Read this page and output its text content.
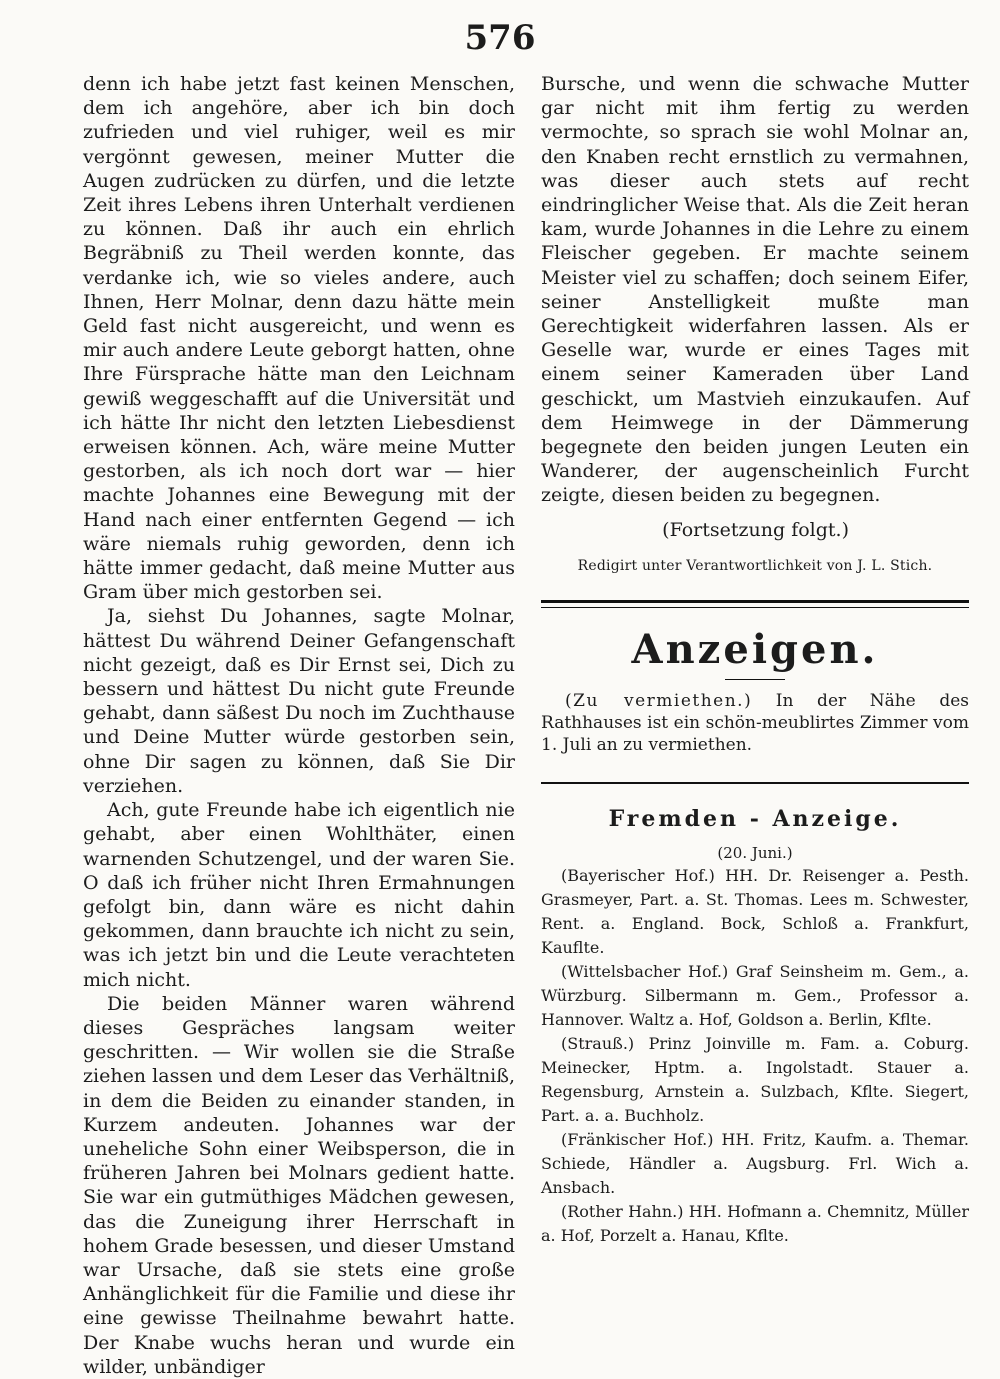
576

denn ich habe jetzt fast keinen Menschen, dem ich angehöre, aber ich bin doch zufrieden und viel ruhiger, weil es mir vergönnt gewesen, meiner Mutter die Augen zudrücken zu dürfen, und die letzte Zeit ihres Lebens ihren Unterhalt verdienen zu können. Daß ihr auch ein ehrlich Begräbniß zu Theil werden konnte, das verdanke ich, wie so vieles andere, auch Ihnen, Herr Molnar, denn dazu hätte mein Geld fast nicht ausgereicht, und wenn es mir auch andere Leute geborgt hatten, ohne Ihre Fürsprache hätte man den Leichnam gewiß weggeschafft auf die Universität und ich hätte Ihr nicht den letzten Liebesdienst erweisen können. Ach, wäre meine Mutter gestorben, als ich noch dort war — hier machte Johannes eine Bewegung mit der Hand nach einer entfernten Gegend — ich wäre niemals ruhig geworden, denn ich hätte immer gedacht, daß meine Mutter aus Gram über mich gestorben sei.

Ja, siehst Du Johannes, sagte Molnar, hättest Du während Deiner Gefangenschaft nicht gezeigt, daß es Dir Ernst sei, Dich zu bessern und hättest Du nicht gute Freunde gehabt, dann säßest Du noch im Zuchthause und Deine Mutter würde gestorben sein, ohne Dir sagen zu können, daß Sie Dir verziehen.

Ach, gute Freunde habe ich eigentlich nie gehabt, aber einen Wohlthäter, einen warnenden Schutzengel, und der waren Sie. O daß ich früher nicht Ihren Ermahnungen gefolgt bin, dann wäre es nicht dahin gekommen, dann brauchte ich nicht zu sein, was ich jetzt bin und die Leute verachteten mich nicht.

Die beiden Männer waren während dieses Gespräches langsam weiter geschritten. — Wir wollen sie die Straße ziehen lassen und dem Leser das Verhältniß, in dem die Beiden zu einander standen, in Kurzem andeuten. Johannes war der uneheliche Sohn einer Weibsperson, die in früheren Jahren bei Molnars gedient hatte. Sie war ein gutmüthiges Mädchen gewesen, das die Zuneigung ihrer Herrschaft in hohem Grade besessen, und dieser Umstand war Ursache, daß sie stets eine große Anhänglichkeit für die Familie und diese ihr eine gewisse Theilnahme bewahrt hatte. Der Knabe wuchs heran und wurde ein wilder, unbändiger

Bursche, und wenn die schwache Mutter gar nicht mit ihm fertig zu werden vermochte, so sprach sie wohl Molnar an, den Knaben recht ernstlich zu vermahnen, was dieser auch stets auf recht eindringlicher Weise that. Als die Zeit heran kam, wurde Johannes in die Lehre zu einem Fleischer gegeben. Er machte seinem Meister viel zu schaffen; doch seinem Eifer, seiner Anstelligkeit mußte man Gerechtigkeit widerfahren lassen. Als er Geselle war, wurde er eines Tages mit einem seiner Kameraden über Land geschickt, um Mastvieh einzukaufen. Auf dem Heimwege in der Dämmerung begegnete den beiden jungen Leuten ein Wanderer, der augenscheinlich Furcht zeigte, diesen beiden zu begegnen.

(Fortsetzung folgt.)
Redigirt unter Verantwortlichkeit von J. L. Stich.
Anzeigen.

(Zu vermiethen.) In der Nähe des Rathhauses ist ein schön-meublirtes Zimmer vom 1. Juli an zu vermiethen.

Fremden - Anzeige.
(20. Juni.)

(Bayerischer Hof.) HH. Dr. Reisenger a. Pesth. Grasmeyer, Part. a. St. Thomas. Lees m. Schwester, Rent. a. England. Bock, Schloß a. Frankfurt, Kaufltе.

(Wittelsbacher Hof.) Graf Seinsheim m. Gem., a. Würzburg. Silbermann m. Gem., Professor a. Hannover. Waltz a. Hof, Goldson a. Berlin, Kflte.

(Strauß.) Prinz Joinville m. Fam. a. Coburg. Meinecker, Hptm. a. Ingolstadt. Stauer a. Regensburg, Arnstein a. Sulzbach, Kflte. Siegert, Part. a. a. Buchholz.

(Fränkischer Hof.) HH. Fritz, Kaufm. a. Themar. Schiede, Händler a. Augsburg. Frl. Wich a. Ansbach.

(Rother Hahn.) HH. Hofmann a. Chemnitz, Müller a. Hof, Porzelt a. Hanau, Kflte.
